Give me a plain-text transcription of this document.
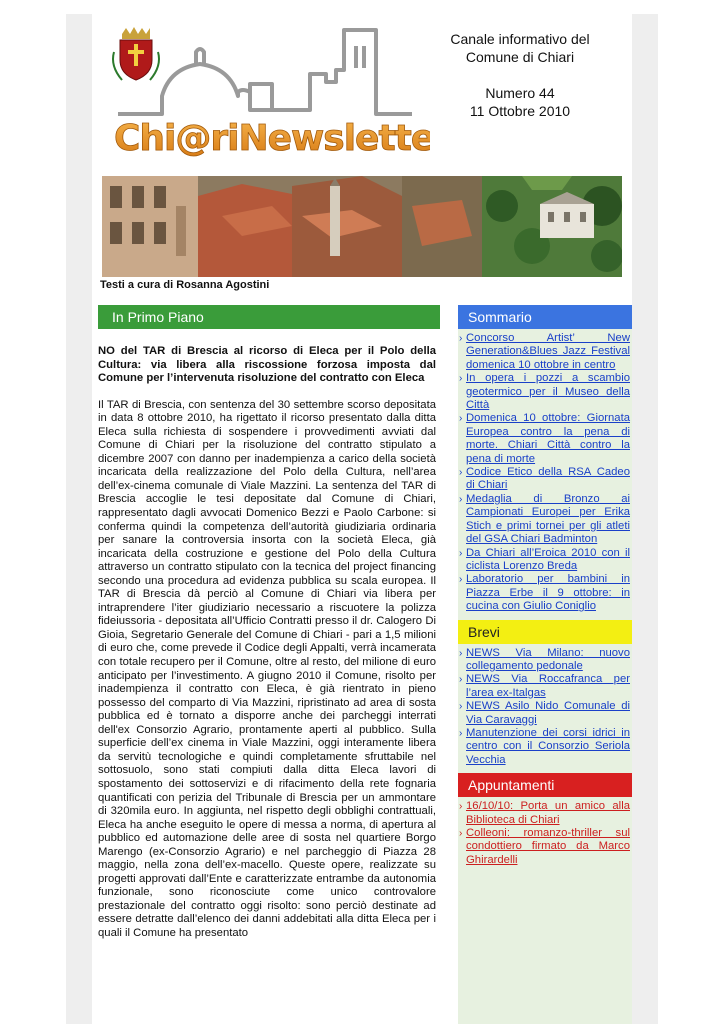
Chi@riNewsletter
Canale informativo del
Comune di Chiari
Numero 44
11 Ottobre 2010
Testi a cura di Rosanna Agostini
In Primo Piano

NO del TAR di Brescia al ricorso di Eleca per il Polo della Cultura: via libera alla riscossione forzosa imposta dal Comune per l’intervenuta risoluzione del contratto con Eleca

Il TAR di Brescia, con sentenza del 30 settembre scorso depositata in data 8 ottobre 2010, ha rigettato il ricorso presentato dalla ditta Eleca sulla richiesta di sospendere i provvedimenti avviati dal Comune di Chiari per la risoluzione del contratto stipulato a dicembre 2007 con danno per inadempienza a carico della società incaricata della realizzazione del Polo della Cultura, nell’area dell’ex-cinema comunale di Viale Mazzini. La sentenza del TAR di Brescia accoglie le tesi depositate dal Comune di Chiari, rappresentato dagli avvocati Domenico Bezzi e Paolo Carbone: si conferma quindi la competenza dell’autorità giudiziaria ordinaria per sanare la controversia insorta con la società Eleca, già incaricata della costruzione e gestione del Polo della Cultura attraverso un contratto stipulato con la tecnica del project financing secondo una procedura ad evidenza pubblica su scala europea. Il TAR di Brescia dà perciò al Comune di Chiari via libera per intraprendere l’iter giudiziario necessario a riscuotere la polizza fideiussoria - depositata all’Ufficio Contratti presso il dr. Calogero Di Gioia, Segretario Generale del Comune di Chiari - pari a 1,5 milioni di euro che, come prevede il Codice degli Appalti, verrà incamerata con totale recupero per il Comune, oltre al resto, del milione di euro anticipato per l’investimento. A giugno 2010 il Comune, risolto per inadempienza il contratto con Eleca, è già rientrato in pieno possesso del comparto di Via Mazzini, ripristinato ad area di sosta pubblica ed è tornato a disporre anche dei parcheggi interrati dell'ex Consorzio Agrario, prontamente aperti al pubblico. Sulla superficie dell’ex cinema in Viale Mazzini, oggi interamente libera da servitù tecnologiche e quindi completamente sfruttabile nel sottosuolo, sono stati compiuti dalla ditta Eleca lavori di spostamento dei sottoservizi e di rifacimento della rete fognaria quantificati con perizia del Tribunale di Brescia per un ammontare di 320mila euro. In aggiunta, nel rispetto degli obblighi contrattuali, Eleca ha anche eseguito le opere di messa a norma, di apertura al pubblico ed automazione delle aree di sosta nel quartiere Borgo Marengo (ex-Consorzio Agrario) e nel parcheggio di Piazza 28 maggio, nella zona dell’ex-macello. Queste opere, realizzate su progetti approvati dall’Ente e caratterizzate entrambe da autonomia funzionale, sono riconosciute come unico controvalore prestazionale del contratto oggi risolto: sono perciò destinate ad essere detratte dall’elenco dei danni addebitati alla ditta Eleca per i quali il Comune ha presentato

Sommario
› Concorso Artist’ New Generation&Blues Jazz Festival domenica 10 ottobre in centro
› In opera i pozzi a scambio geotermico per il Museo della Città
› Domenica 10 ottobre: Giornata Europea contro la pena di morte. Chiari Città contro la pena di morte
› Codice Etico della RSA Cadeo di Chiari
› Medaglia di Bronzo ai Campionati Europei per Erika Stich e primi tornei per gli atleti del GSA Chiari Badminton
› Da Chiari all’Eroica 2010 con il ciclista Lorenzo Breda
› Laboratorio per bambini in Piazza Erbe il 9 ottobre: in cucina con Giulio Coniglio
Brevi
› NEWS Via Milano: nuovo collegamento pedonale
› NEWS Via Roccafranca per l’area ex-Italgas
› NEWS Asilo Nido Comunale di Via Caravaggi
› Manutenzione dei corsi idrici in centro con il Consorzio Seriola Vecchia
Appuntamenti
› 16/10/10: Porta un amico alla Biblioteca di Chiari
› Colleoni: romanzo-thriller sul condottiero firmato da Marco Ghirardelli
